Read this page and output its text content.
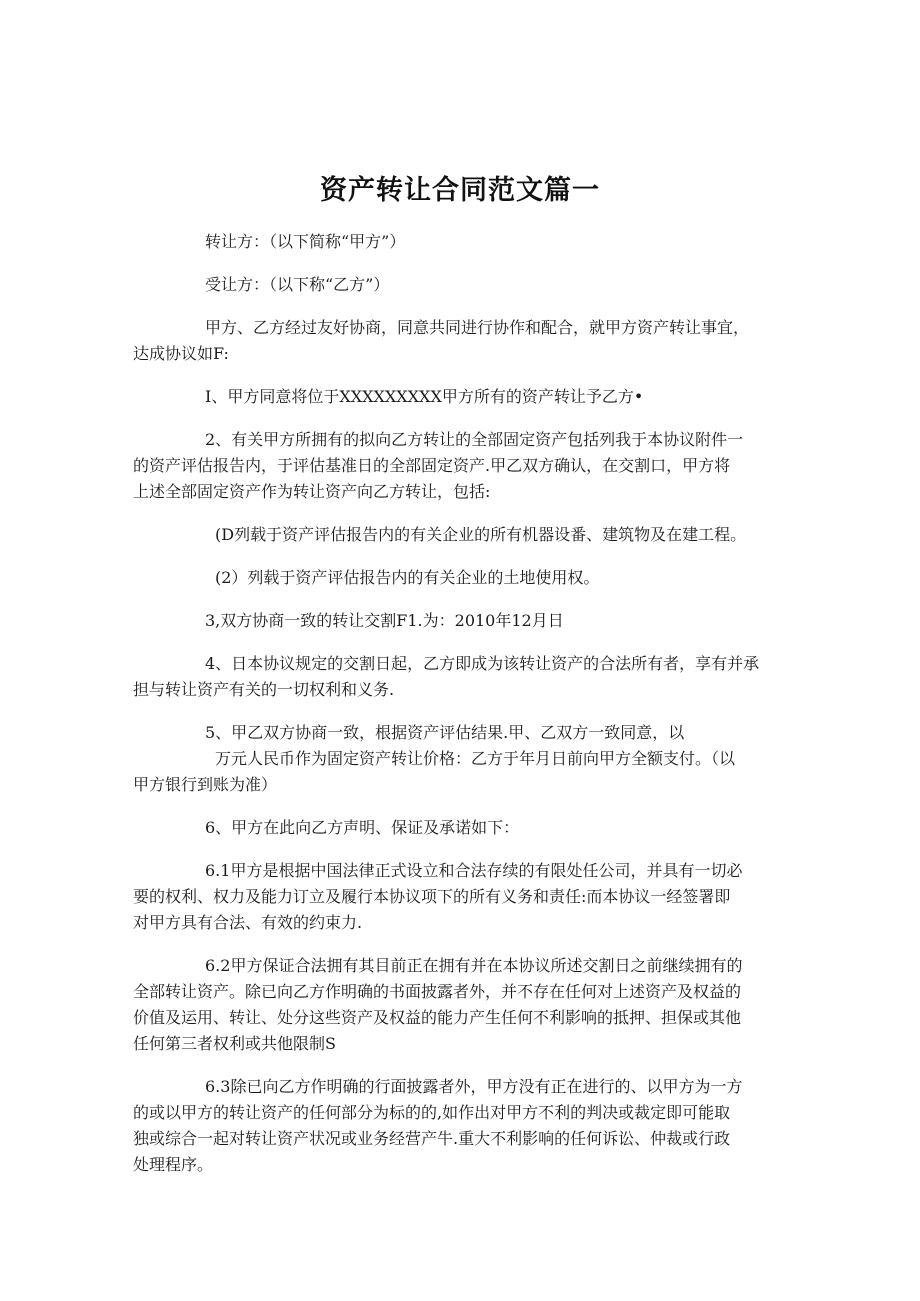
资产转让合同范文篇一

转让方：（以下简称“甲方”）

受让方：（以下称“乙方”）

甲方、乙方经过友好协商，同意共同进行协作和配合，就甲方资产转让事宜，
达成协议如F:

I、甲方同意将位于XXXXXXXXX甲方所有的资产转让予乙方•

2、有关甲方所拥有的拟向乙方转让的全部固定资产包括列我于本协议附件一
的资产评估报告内，于评估基准日的全部固定资产.甲乙双方确认，在交割口，甲方将
上述全部固定资产作为转让资产向乙方转让，包括:

(D列载于资产评估报告内的有关企业的所有机器设番、建筑物及在建工程。

(2）列载于资产评估报告内的有关企业的土地使用权。

3,双方协商一致的转让交割F1.为：2010年12月日

4、日本协议规定的交割日起，乙方即成为该转让资产的合法所有者，享有并承
担与转让资产有关的一切权利和义务.

5、甲乙双方协商一致，根据资产评估结果.甲、乙双方一致同意，以
万元人民币作为固定资产转让价格：乙方于年月日前向甲方全额支付。（以
甲方银行到账为准）

6、甲方在此向乙方声明、保证及承诺如下：

6.1甲方是根据中国法律正式设立和合法存续的有限处任公司，并具有一切必
要的权利、权力及能力订立及履行本协议项下的所有义务和责任:而本协议一经签署即
对甲方具有合法、有效的约束力.

6.2甲方保证合法拥有其目前正在拥有并在本协议所述交割日之前继续拥有的
全部转让资产。除已向乙方作明确的书面披露者外，并不存在任何对上述资产及权益的
价值及运用、转让、处分这些资产及权益的能力产生任何不利影响的抵押、担保或其他
任何第三者权利或共他限制S

6.3除已向乙方作明确的行面披露者外，甲方没有正在进行的、以甲方为一方
的或以甲方的转让资产的任何部分为标的的,如作出对甲方不利的判决或裁定即可能取
独或综合一起对转让资产状况或业务经营产牛.重大不利影响的任何诉讼、仲裁或行政
处理程序。
